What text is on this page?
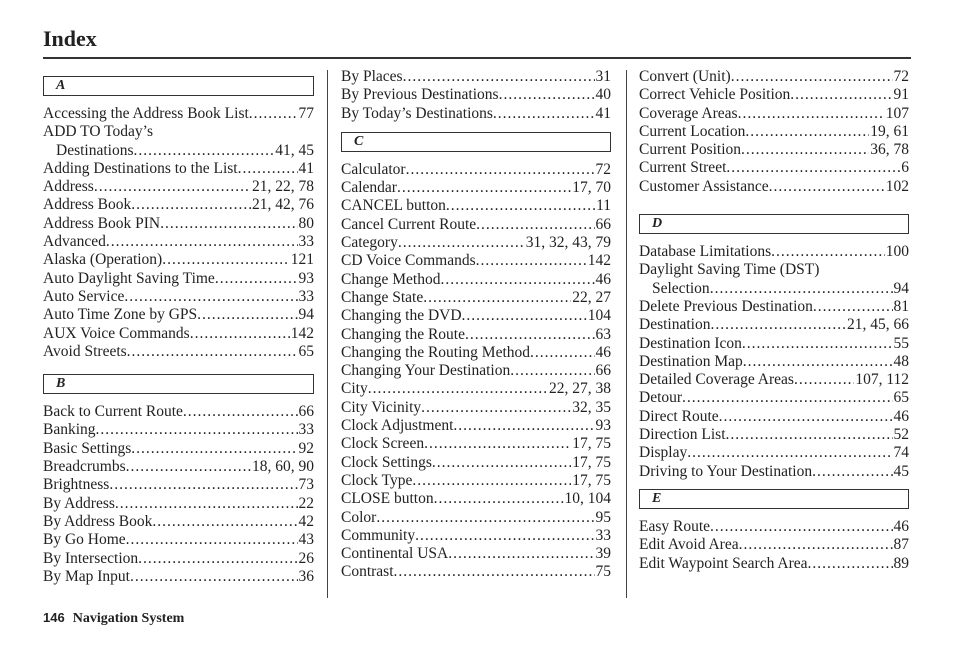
Index
A
Accessing the Address Book List .....	77
ADD TO Today’s
Destinations .....	41, 45
Adding Destinations to the List .....	41
Address .....	21, 22, 78
Address Book .....	21, 42, 76
Address Book PIN .....	80
Advanced .....	33
Alaska (Operation) .....	121
Auto Daylight Saving Time .....	93
Auto Service .....	33
Auto Time Zone by GPS .....	94
AUX Voice Commands .....	142
Avoid Streets .....	65
B
Back to Current Route .....	66
Banking .....	33
Basic Settings .....	92
Breadcrumbs .....	18, 60, 90
Brightness .....	73
By Address .....	22
By Address Book .....	42
By Go Home .....	43
By Intersection .....	26
By Map Input .....	36
By Places .....	31
By Previous Destinations .....	40
By Today’s Destinations .....	41
C
Calculator .....	72
Calendar .....	17, 70
CANCEL button .....	11
Cancel Current Route .....	66
Category .....	31, 32, 43, 79
CD Voice Commands .....	142
Change Method .....	46
Change State .....	22, 27
Changing the DVD .....	104
Changing the Route .....	63
Changing the Routing Method .....	46
Changing Your Destination .....	66
City .....	22, 27, 38
City Vicinity .....	32, 35
Clock Adjustment .....	93
Clock Screen .....	17, 75
Clock Settings .....	17, 75
Clock Type .....	17, 75
CLOSE button .....	10, 104
Color .....	95
Community .....	33
Continental USA .....	39
Contrast .....	75
Convert (Unit) .....	72
Correct Vehicle Position .....	91
Coverage Areas .....	107
Current Location .....	19, 61
Current Position .....	36, 78
Current Street .....	6
Customer Assistance .....	102
D
Database Limitations .....	100
Daylight Saving Time (DST)
Selection .....	94
Delete Previous Destination .....	81
Destination .....	21, 45, 66
Destination Icon .....	55
Destination Map .....	48
Detailed Coverage Areas .....	107, 112
Detour .....	65
Direct Route .....	46
Direction List .....	52
Display .....	74
Driving to Your Destination .....	45
E
Easy Route .....	46
Edit Avoid Area .....	87
Edit Waypoint Search Area .....	89
146 Navigation System
